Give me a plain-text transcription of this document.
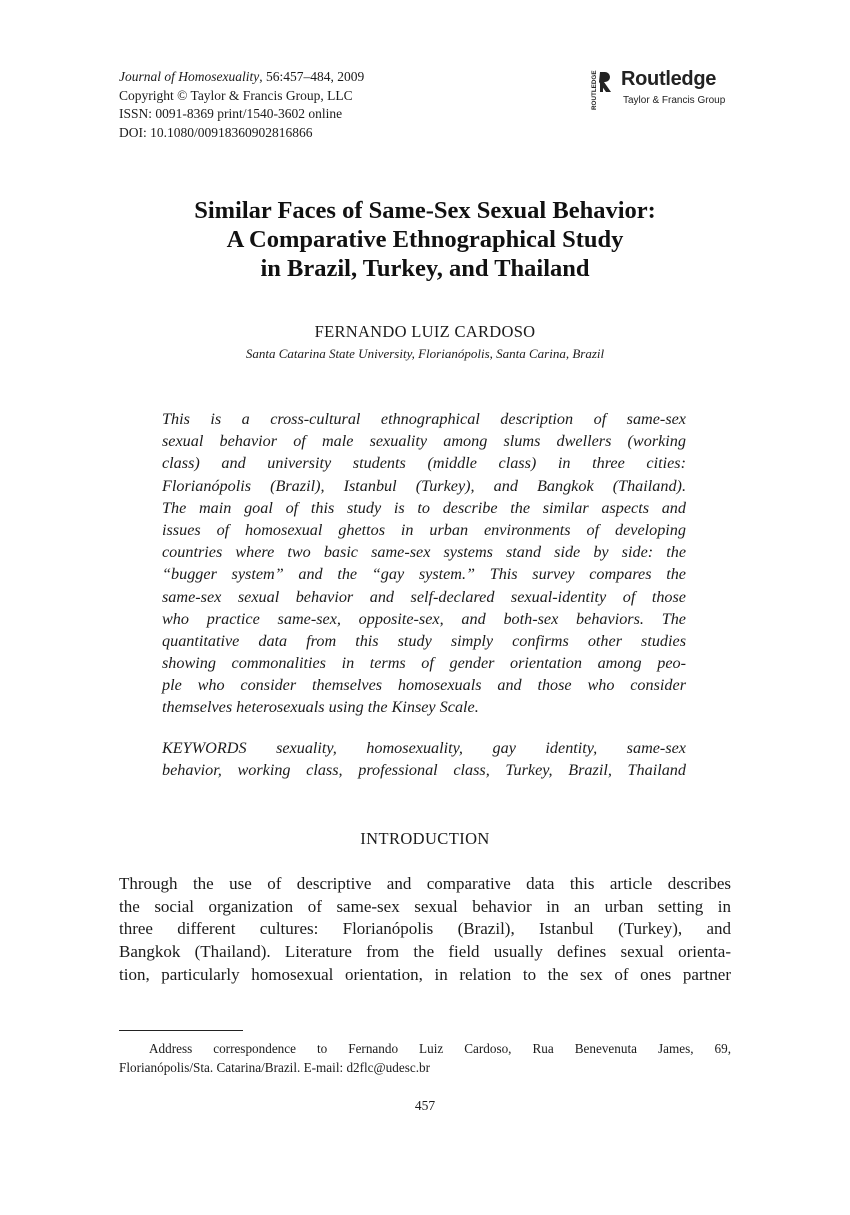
Journal of Homosexuality, 56:457–484, 2009
Copyright © Taylor & Francis Group, LLC
ISSN: 0091-8369 print/1540-3602 online
DOI: 10.1080/00918360902816866
ROUTLEDGE Routledge
Taylor & Francis Group
Similar Faces of Same-Sex Sexual Behavior:
A Comparative Ethnographical Study
in Brazil, Turkey, and Thailand
FERNANDO LUIZ CARDOSO
Santa Catarina State University, Florianópolis, Santa Carina, Brazil
This is a cross-cultural ethnographical description of same-sex
sexual behavior of male sexuality among slums dwellers (working
class) and university students (middle class) in three cities:
Florianópolis (Brazil), Istanbul (Turkey), and Bangkok (Thailand).
The main goal of this study is to describe the similar aspects and
issues of homosexual ghettos in urban environments of developing
countries where two basic same-sex systems stand side by side: the
“bugger system” and the “gay system.” This survey compares the
same-sex sexual behavior and self-declared sexual-identity of those
who practice same-sex, opposite-sex, and both-sex behaviors. The
quantitative data from this study simply confirms other studies
showing commonalities in terms of gender orientation among peo-
ple who consider themselves homosexuals and those who consider
themselves heterosexuals using the Kinsey Scale.
KEYWORDS sexuality, homosexuality, gay identity, same-sex
behavior, working class, professional class, Turkey, Brazil, Thailand
INTRODUCTION
Through the use of descriptive and comparative data this article describes
the social organization of same-sex sexual behavior in an urban setting in
three different cultures: Florianópolis (Brazil), Istanbul (Turkey), and
Bangkok (Thailand). Literature from the field usually defines sexual orienta-
tion, particularly homosexual orientation, in relation to the sex of ones partner
Address correspondence to Fernando Luiz Cardoso, Rua Benevenuta James, 69,
Florianópolis/Sta. Catarina/Brazil. E-mail: d2flc@udesc.br
457
